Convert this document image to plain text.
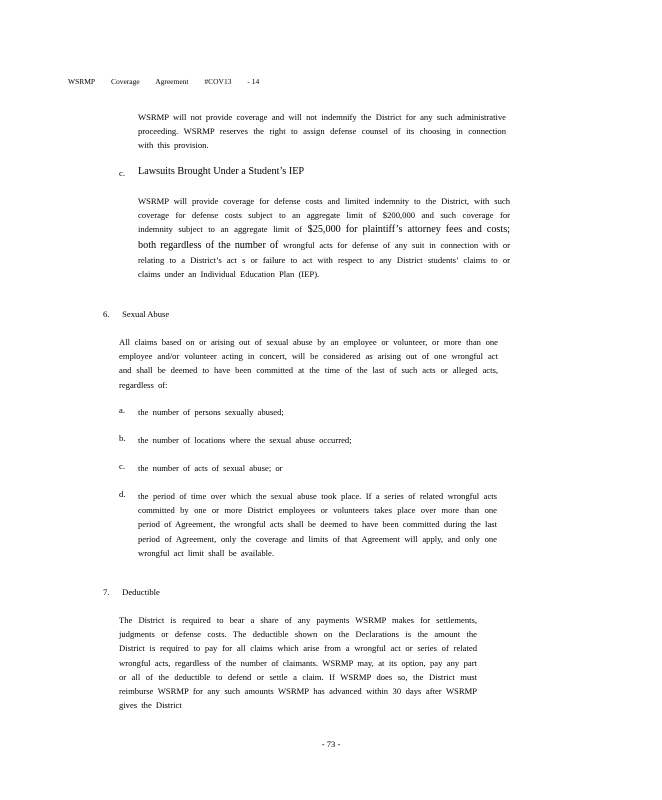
WSRMP Coverage Agreement #COV13 - 14
WSRMP will not provide coverage and will not indemnify the District for any such administrative proceeding. WSRMP reserves the right to assign defense counsel of its choosing in connection with this provision.
c. Lawsuits Brought Under a Student’s IEP
WSRMP will provide coverage for defense costs and limited indemnity to the District, with such coverage for defense costs subject to an aggregate limit of $200,000 and such coverage for indemnity subject to an aggregate limit of $25,000 for plaintiff’s attorney fees and costs; both regardless of the number of wrongful acts for defense of any suit in connection with or relating to a District’s act s or failure to act with respect to any District students’ claims to or claims under an Individual Education Plan (IEP).
6. Sexual Abuse
All claims based on or arising out of sexual abuse by an employee or volunteer, or more than one employee and/or volunteer acting in concert, will be considered as arising out of one wrongful act and shall be deemed to have been committed at the time of the last of such acts or alleged acts, regardless of:
a. the number of persons sexually abused;
b. the number of locations where the sexual abuse occurred;
c. the number of acts of sexual abuse; or
d. the period of time over which the sexual abuse took place. If a series of related wrongful acts committed by one or more District employees or volunteers takes place over more than one period of Agreement, the wrongful acts shall be deemed to have been committed during the last period of Agreement, only the coverage and limits of that Agreement will apply, and only one wrongful act limit shall be available.
7. Deductible
The District is required to bear a share of any payments WSRMP makes for settlements, judgments or defense costs. The deductible shown on the Declarations is the amount the District is required to pay for all claims which arise from a wrongful act or series of related wrongful acts, regardless of the number of claimants. WSRMP may, at its option, pay any part or all of the deductible to defend or settle a claim. If WSRMP does so, the District must reimburse WSRMP for any such amounts WSRMP has advanced within 30 days after WSRMP gives the District
- 73 -
